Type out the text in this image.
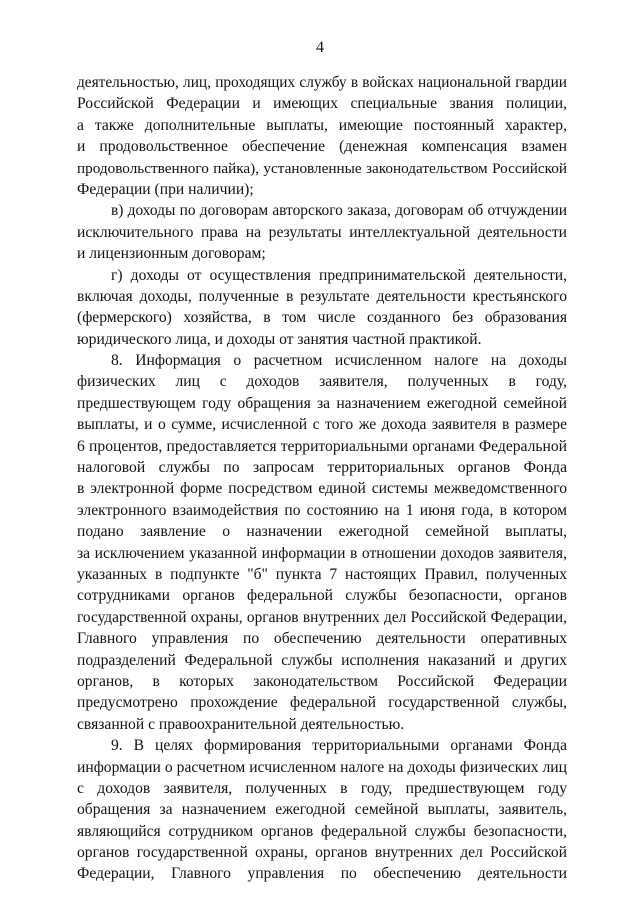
4
деятельностью, лиц, проходящих службу в войсках национальной гвардии
Российской Федерации и имеющих специальные звания полиции,
а также дополнительные выплаты, имеющие постоянный характер,
и продовольственное обеспечение (денежная компенсация взамен
продовольственного пайка), установленные законодательством Российской
Федерации (при наличии);
в) доходы по договорам авторского заказа, договорам об отчуждении
исключительного права на результаты интеллектуальной деятельности
и лицензионным договорам;
г) доходы от осуществления предпринимательской деятельности,
включая доходы, полученные в результате деятельности крестьянского
(фермерского) хозяйства, в том числе созданного без образования
юридического лица, и доходы от занятия частной практикой.
8. Информация о расчетном исчисленном налоге на доходы
физических лиц с доходов заявителя, полученных в году,
предшествующем году обращения за назначением ежегодной семейной
выплаты, и о сумме, исчисленной с того же дохода заявителя в размере
6 процентов, предоставляется территориальными органами Федеральной
налоговой службы по запросам территориальных органов Фонда
в электронной форме посредством единой системы межведомственного
электронного взаимодействия по состоянию на 1 июня года, в котором
подано заявление о назначении ежегодной семейной выплаты,
за исключением указанной информации в отношении доходов заявителя,
указанных в подпункте "б" пункта 7 настоящих Правил, полученных
сотрудниками органов федеральной службы безопасности, органов
государственной охраны, органов внутренних дел Российской Федерации,
Главного управления по обеспечению деятельности оперативных
подразделений Федеральной службы исполнения наказаний и других
органов, в которых законодательством Российской Федерации
предусмотрено прохождение федеральной государственной службы,
связанной с правоохранительной деятельностью.
9. В целях формирования территориальными органами Фонда
информации о расчетном исчисленном налоге на доходы физических лиц
с доходов заявителя, полученных в году, предшествующем году
обращения за назначением ежегодной семейной выплаты, заявитель,
являющийся сотрудником органов федеральной службы безопасности,
органов государственной охраны, органов внутренних дел Российской
Федерации, Главного управления по обеспечению деятельности
